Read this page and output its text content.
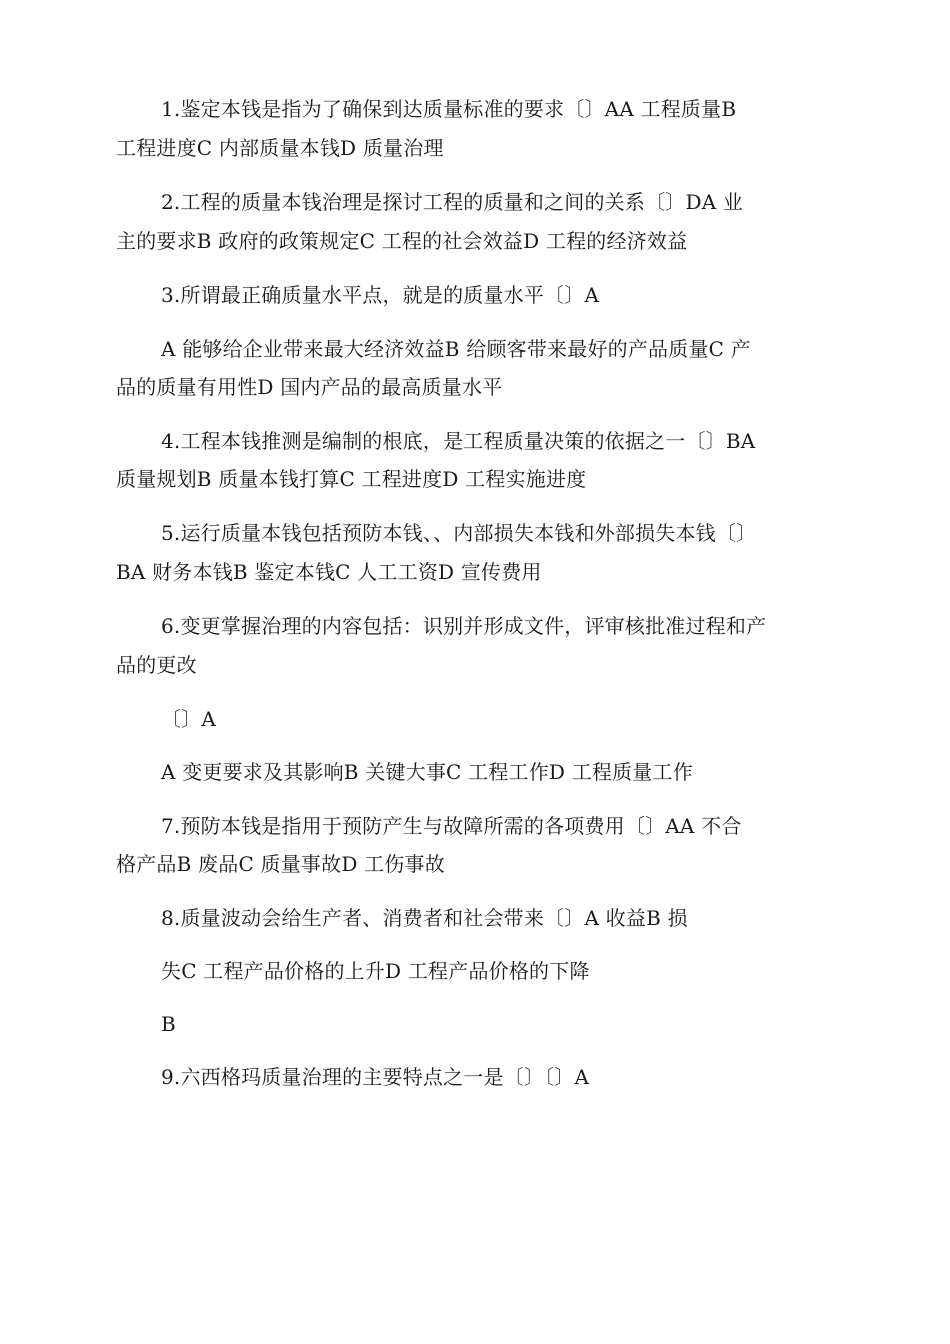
1.鉴定本钱是指为了确保到达质量标准的要求〔〕AA 工程质量B
工程进度C 内部质量本钱D 质量治理
2.工程的质量本钱治理是探讨工程的质量和之间的关系〔〕DA 业
主的要求B 政府的政策规定C 工程的社会效益D 工程的经济效益
3.所谓最正确质量水平点，就是的质量水平〔〕A
A 能够给企业带来最大经济效益B 给顾客带来最好的产品质量C 产
品的质量有用性D 国内产品的最高质量水平
4.工程本钱推测是编制的根底，是工程质量决策的依据之一〔〕BA
质量规划B 质量本钱打算C 工程进度D 工程实施进度
5.运行质量本钱包括预防本钱、、内部损失本钱和外部损失本钱〔〕
BA 财务本钱B 鉴定本钱C 人工工资D 宣传费用
6.变更掌握治理的内容包括：识别并形成文件，评审核批准过程和产
品的更改
〔〕A
A 变更要求及其影响B 关键大事C 工程工作D 工程质量工作
7.预防本钱是指用于预防产生与故障所需的各项费用〔〕AA 不合
格产品B 废品C 质量事故D 工伤事故
8.质量波动会给生产者、消费者和社会带来〔〕A 收益B 损
失C 工程产品价格的上升D 工程产品价格的下降
B
9.六西格玛质量治理的主要特点之一是〔〕〔〕A
